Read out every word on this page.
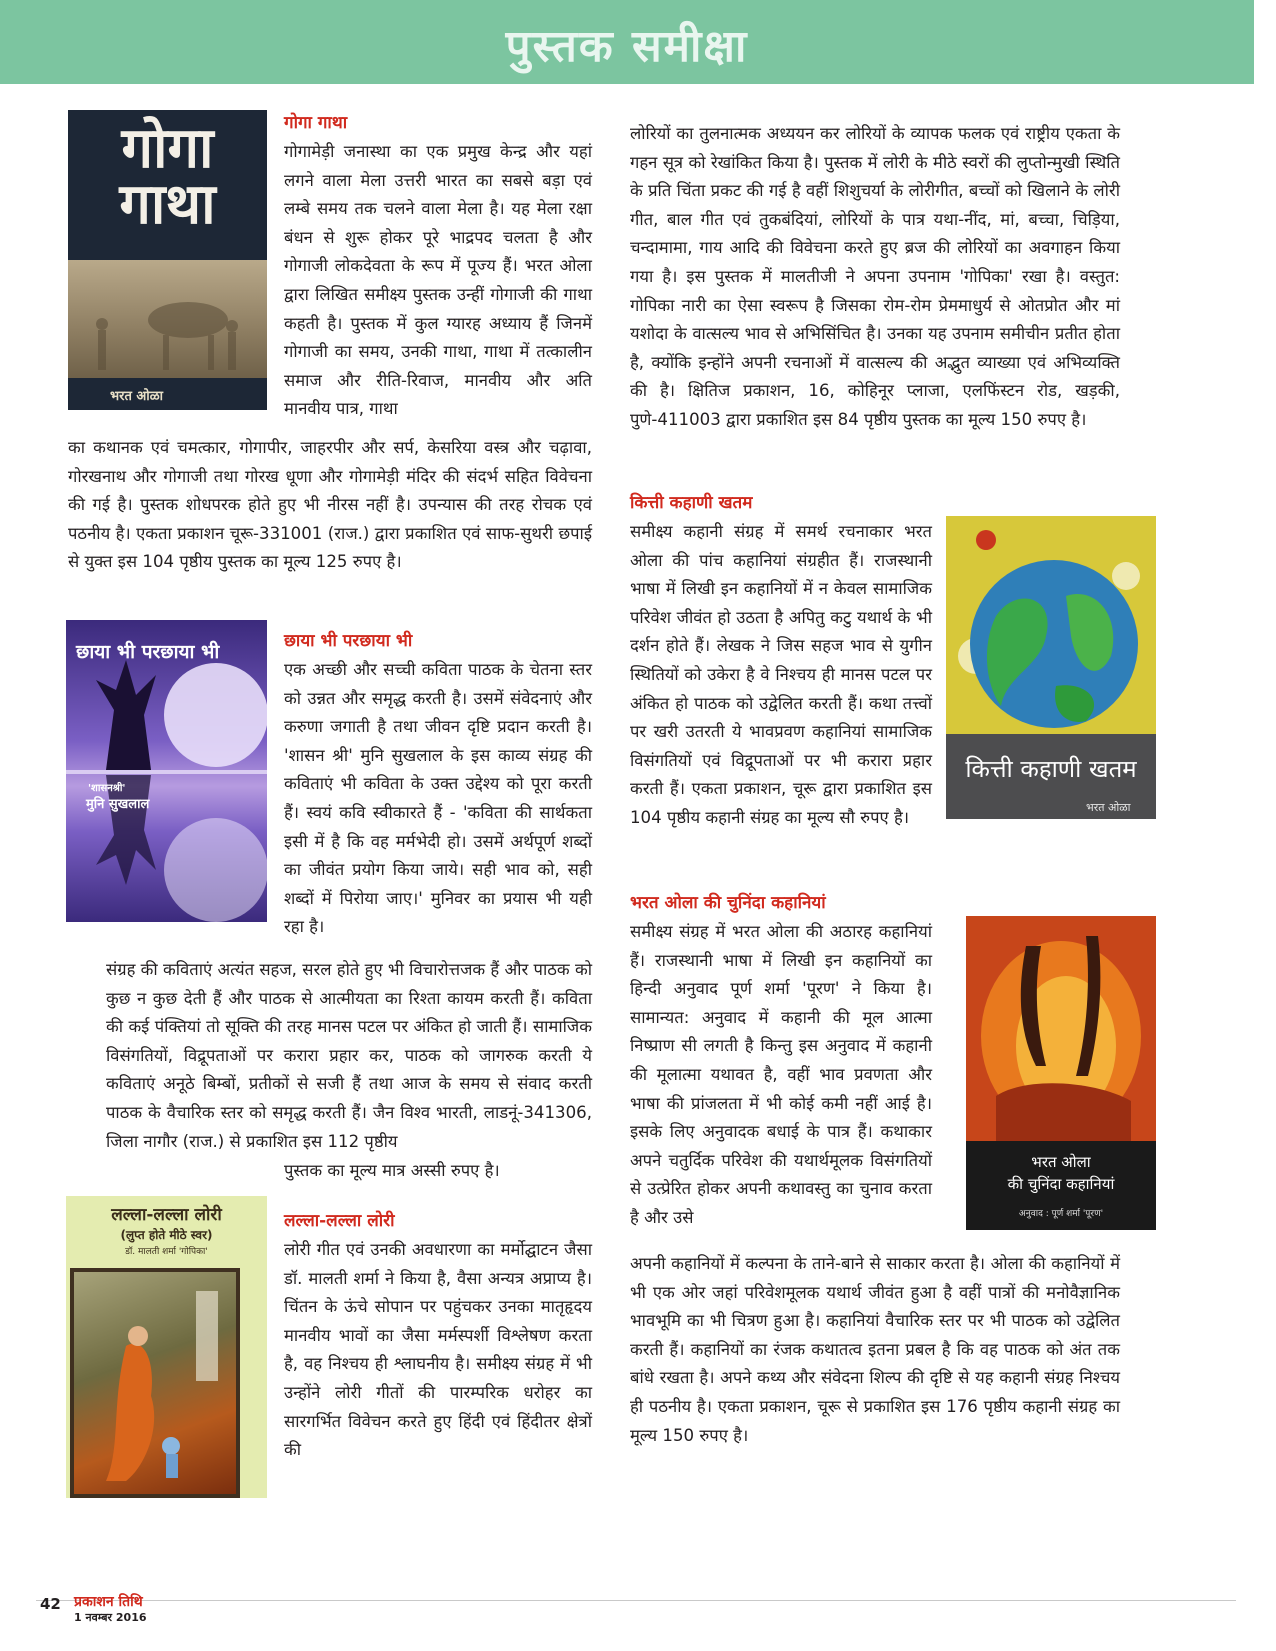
पुस्तक समीक्षा
गोगा
गाथा
भरत ओळा
गोगा गाथा

गोगामेड़ी जनास्था का एक प्रमुख केन्द्र और यहां लगने वाला मेला उत्तरी भारत का सबसे बड़ा एवं लम्बे समय तक चलने वाला मेला है। यह मेला रक्षा बंधन से शुरू होकर पूरे भाद्रपद चलता है और गोगाजी लोकदेवता के रूप में पूज्य हैं। भरत ओला द्वारा लिखित समीक्ष्य पुस्तक उन्हीं गोगाजी की गाथा कहती है। पुस्तक में कुल ग्यारह अध्याय हैं जिनमें गोगाजी का समय, उनकी गाथा, गाथा में तत्कालीन समाज और रीति-रिवाज, मानवीय और अति मानवीय पात्र, गाथा

का कथानक एवं चमत्कार, गोगापीर, जाहरपीर और सर्प, केसरिया वस्त्र और चढ़ावा, गोरखनाथ और गोगाजी तथा गोरख धूणा और गोगामेड़ी मंदिर की संदर्भ सहित विवेचना की गई है। पुस्तक शोधपरक होते हुए भी नीरस नहीं है। उपन्यास की तरह रोचक एवं पठनीय है। एकता प्रकाशन चूरू-331001 (राज.) द्वारा प्रकाशित एवं साफ-सुथरी छपाई से युक्त इस 104 पृष्ठीय पुस्तक का मूल्य 125 रुपए है।

छाया भी परछाया भी
'शासनश्री'
मुनि सुखलाल
छाया भी परछाया भी

एक अच्छी और सच्ची कविता पाठक के चेतना स्तर को उन्नत और समृद्ध करती है। उसमें संवेदनाएं और करुणा जगाती है तथा जीवन दृष्टि प्रदान करती है। 'शासन श्री' मुनि सुखलाल के इस काव्य संग्रह की कविताएं भी कविता के उक्त उद्देश्य को पूरा करती हैं। स्वयं कवि स्वीकारते हैं - 'कविता की सार्थकता इसी में है कि वह मर्मभेदी हो। उसमें अर्थपूर्ण शब्दों का जीवंत प्रयोग किया जाये। सही भाव को, सही शब्दों में पिरोया जाए।' मुनिवर का प्रयास भी यही रहा है।

संग्रह की कविताएं अत्यंत सहज, सरल होते हुए भी विचारोत्तजक हैं और पाठक को कुछ न कुछ देती हैं और पाठक से आत्मीयता का रिश्ता कायम करती हैं। कविता की कई पंक्तियां तो सूक्ति की तरह मानस पटल पर अंकित हो जाती हैं। सामाजिक विसंगतियों, विद्रूपताओं पर करारा प्रहार कर, पाठक को जागरुक करती ये कविताएं अनूठे बिम्बों, प्रतीकों से सजी हैं तथा आज के समय से संवाद करती पाठक के वैचारिक स्तर को समृद्ध करती हैं। जैन विश्व भारती, लाडनूं-341306, जिला नागौर (राज.) से प्रकाशित इस 112 पृष्ठीय

पुस्तक का मूल्य मात्र अस्सी रुपए है।

लल्ला-लल्ला लोरी
(लुप्त होते मीठे स्वर)
डॉ. मालती शर्मा 'गोपिका'
लल्ला-लल्ला लोरी

लोरी गीत एवं उनकी अवधारणा का मर्मोद्घाटन जैसा डॉ. मालती शर्मा ने किया है, वैसा अन्यत्र अप्राप्य है। चिंतन के ऊंचे सोपान पर पहुंचकर उनका मातृहृदय मानवीय भावों का जैसा मर्मस्पर्शी विश्लेषण करता है, वह निश्चय ही श्लाघनीय है। समीक्ष्य संग्रह में भी उन्होंने लोरी गीतों की पारम्परिक धरोहर का सारगर्भित विवेचन करते हुए हिंदी एवं हिंदीतर क्षेत्रों की

लोरियों का तुलनात्मक अध्ययन कर लोरियों के व्यापक फलक एवं राष्ट्रीय एकता के गहन सूत्र को रेखांकित किया है। पुस्तक में लोरी के मीठे स्वरों की लुप्तोन्मुखी स्थिति के प्रति चिंता प्रकट की गई है वहीं शिशुचर्या के लोरीगीत, बच्चों को खिलाने के लोरी गीत, बाल गीत एवं तुकबंदियां, लोरियों के पात्र यथा-नींद, मां, बच्चा, चिड़िया, चन्दामामा, गाय आदि की विवेचना करते हुए ब्रज की लोरियों का अवगाहन किया गया है। इस पुस्तक में मालतीजी ने अपना उपनाम 'गोपिका' रखा है। वस्तुत: गोपिका नारी का ऐसा स्वरूप है जिसका रोम-रोम प्रेममाधुर्य से ओतप्रोत और मां यशोदा के वात्सल्य भाव से अभिसिंचित है। उनका यह उपनाम समीचीन प्रतीत होता है, क्योंकि इन्होंने अपनी रचनाओं में वात्सल्य की अद्भुत व्याख्या एवं अभिव्यक्ति की है। क्षितिज प्रकाशन, 16, कोहिनूर प्लाजा, एलफिंस्टन रोड, खड़की, पुणे-411003 द्वारा प्रकाशित इस 84 पृष्ठीय पुस्तक का मूल्य 150 रुपए है।

कित्ती कहाणी खतम
भरत ओळा
कित्ती कहाणी खतम

समीक्ष्य कहानी संग्रह में समर्थ रचनाकार भरत ओला की पांच कहानियां संग्रहीत हैं। राजस्थानी भाषा में लिखी इन कहानियों में न केवल सामाजिक परिवेश जीवंत हो उठता है अपितु कटु यथार्थ के भी दर्शन होते हैं। लेखक ने जिस सहज भाव से युगीन स्थितियों को उकेरा है वे निश्चय ही मानस पटल पर अंकित हो पाठक को उद्वेलित करती हैं। कथा तत्त्वों पर खरी उतरती ये भावप्रवण कहानियां सामाजिक विसंगतियों एवं विद्रूपताओं पर भी करारा प्रहार करती हैं। एकता प्रकाशन, चूरू द्वारा प्रकाशित इस 104 पृष्ठीय कहानी संग्रह का मूल्य सौ रुपए है।

भरत ओला
की चुनिंदा कहानियां
अनुवाद : पूर्ण शर्मा 'पूरण'
भरत ओला की चुनिंदा कहानियां

समीक्ष्य संग्रह में भरत ओला की अठारह कहानियां हैं। राजस्थानी भाषा में लिखी इन कहानियों का हिन्दी अनुवाद पूर्ण शर्मा 'पूरण' ने किया है। सामान्यत: अनुवाद में कहानी की मूल आत्मा निष्प्राण सी लगती है किन्तु इस अनुवाद में कहानी की मूलात्मा यथावत है, वहीं भाव प्रवणता और भाषा की प्रांजलता में भी कोई कमी नहीं आई है। इसके लिए अनुवादक बधाई के पात्र हैं। कथाकार अपने चतुर्दिक परिवेश की यथार्थमूलक विसंगतियों से उत्प्रेरित होकर अपनी कथावस्तु का चुनाव करता है और उसे

अपनी कहानियों में कल्पना के ताने-बाने से साकार करता है। ओला की कहानियों में भी एक ओर जहां परिवेशमूलक यथार्थ जीवंत हुआ है वहीं पात्रों की मनोवैज्ञानिक भावभूमि का भी चित्रण हुआ है। कहानियां वैचारिक स्तर पर भी पाठक को उद्वेलित करती हैं। कहानियों का रंजक कथातत्व इतना प्रबल है कि वह पाठक को अंत तक बांधे रखता है। अपने कथ्य और संवेदना शिल्प की दृष्टि से यह कहानी संग्रह निश्चय ही पठनीय है। एकता प्रकाशन, चूरू से प्रकाशित इस 176 पृष्ठीय कहानी संग्रह का मूल्य 150 रुपए है।

42 प्रकाशन तिथि
1 नवम्बर 2016
